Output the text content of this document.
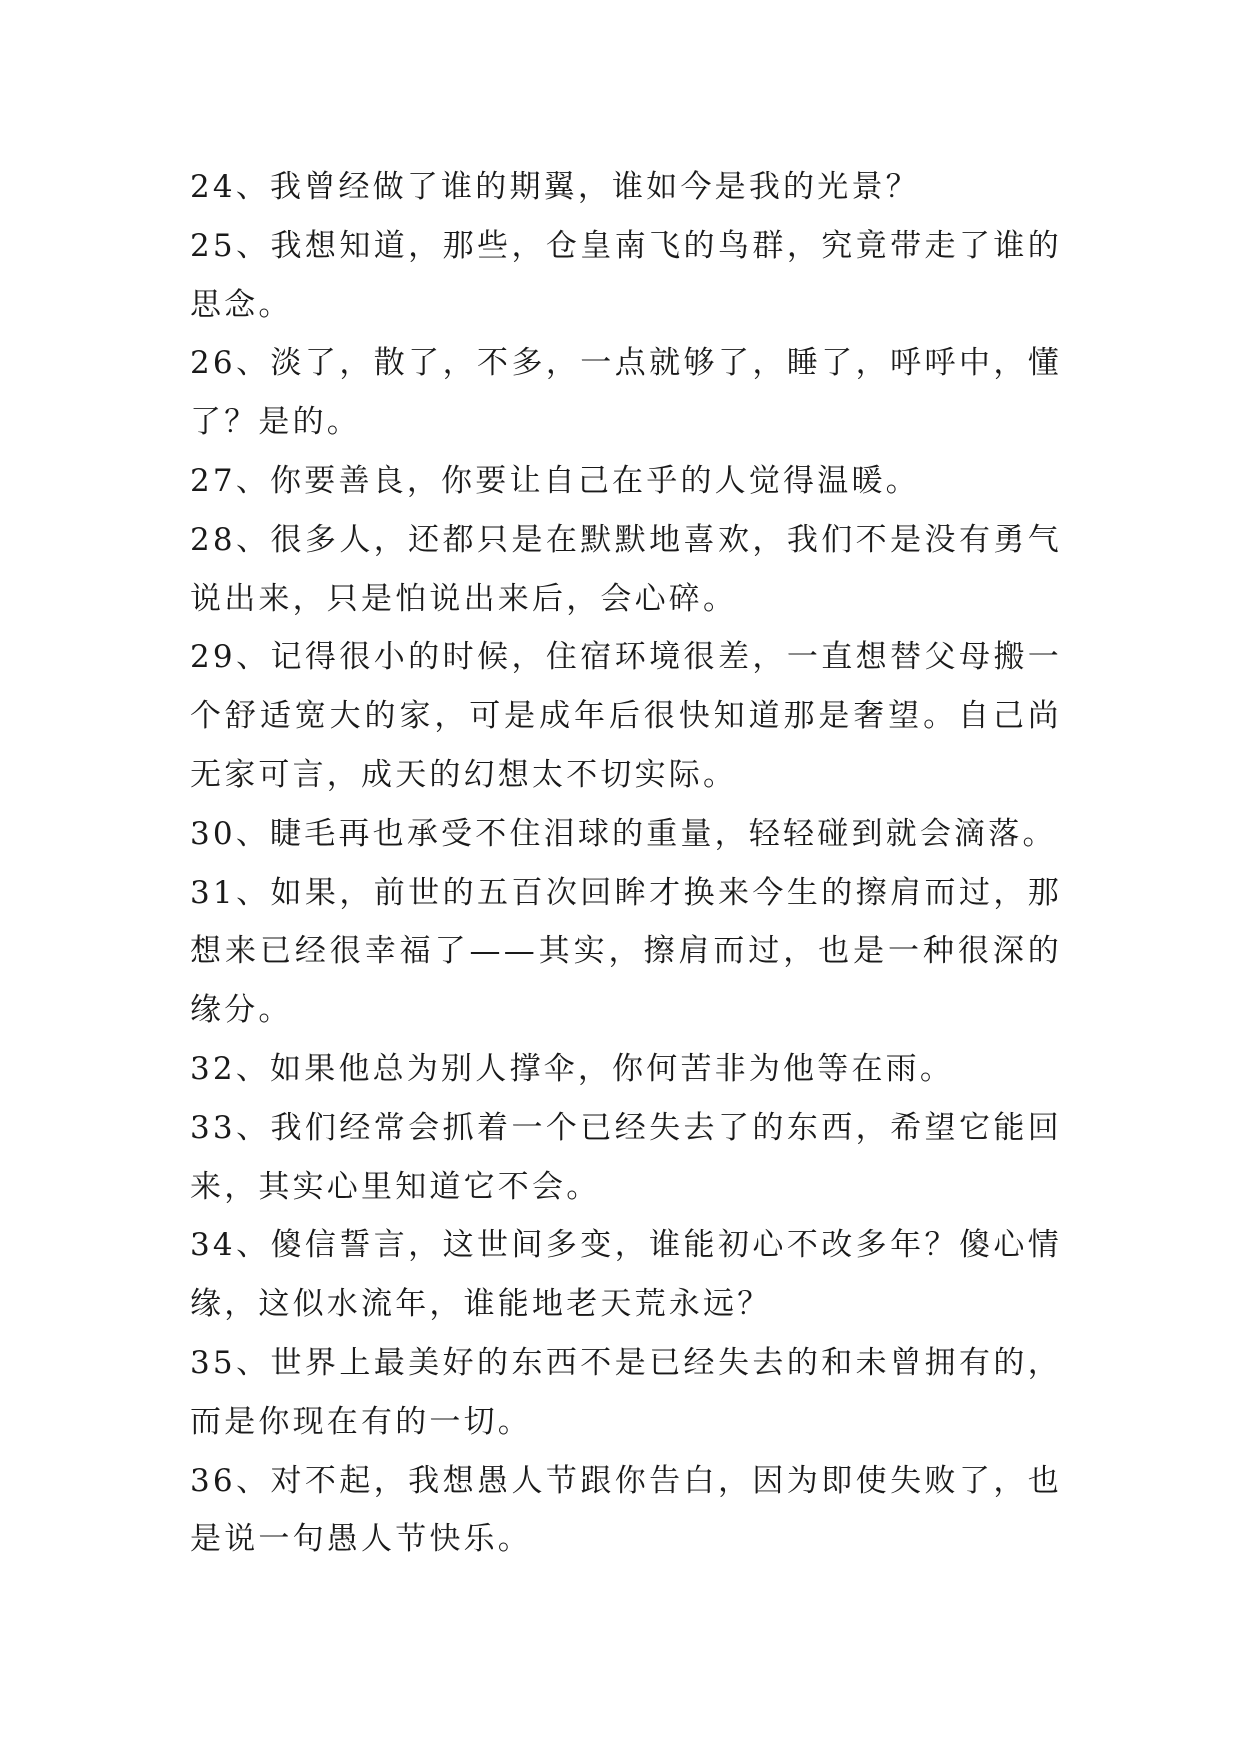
24、我曾经做了谁的期翼，谁如今是我的光景？

25、我想知道，那些，仓皇南飞的鸟群，究竟带走了谁的思念。

26、淡了，散了，不多，一点就够了，睡了，呼呼中，懂了？是的。

27、你要善良，你要让自己在乎的人觉得温暖。

28、很多人，还都只是在默默地喜欢，我们不是没有勇气说出来，只是怕说出来后，会心碎。

29、记得很小的时候，住宿环境很差，一直想替父母搬一个舒适宽大的家，可是成年后很快知道那是奢望。自己尚无家可言，成天的幻想太不切实际。

30、睫毛再也承受不住泪球的重量，轻轻碰到就会滴落。

31、如果，前世的五百次回眸才换来今生的擦肩而过，那想来已经很幸福了——其实，擦肩而过，也是一种很深的缘分。

32、如果他总为别人撑伞，你何苦非为他等在雨。

33、我们经常会抓着一个已经失去了的东西，希望它能回来，其实心里知道它不会。

34、傻信誓言，这世间多变，谁能初心不改多年？傻心情缘，这似水流年，谁能地老天荒永远？

35、世界上最美好的东西不是已经失去的和未曾拥有的，而是你现在有的一切。

36、对不起，我想愚人节跟你告白，因为即使失败了，也是说一句愚人节快乐。
